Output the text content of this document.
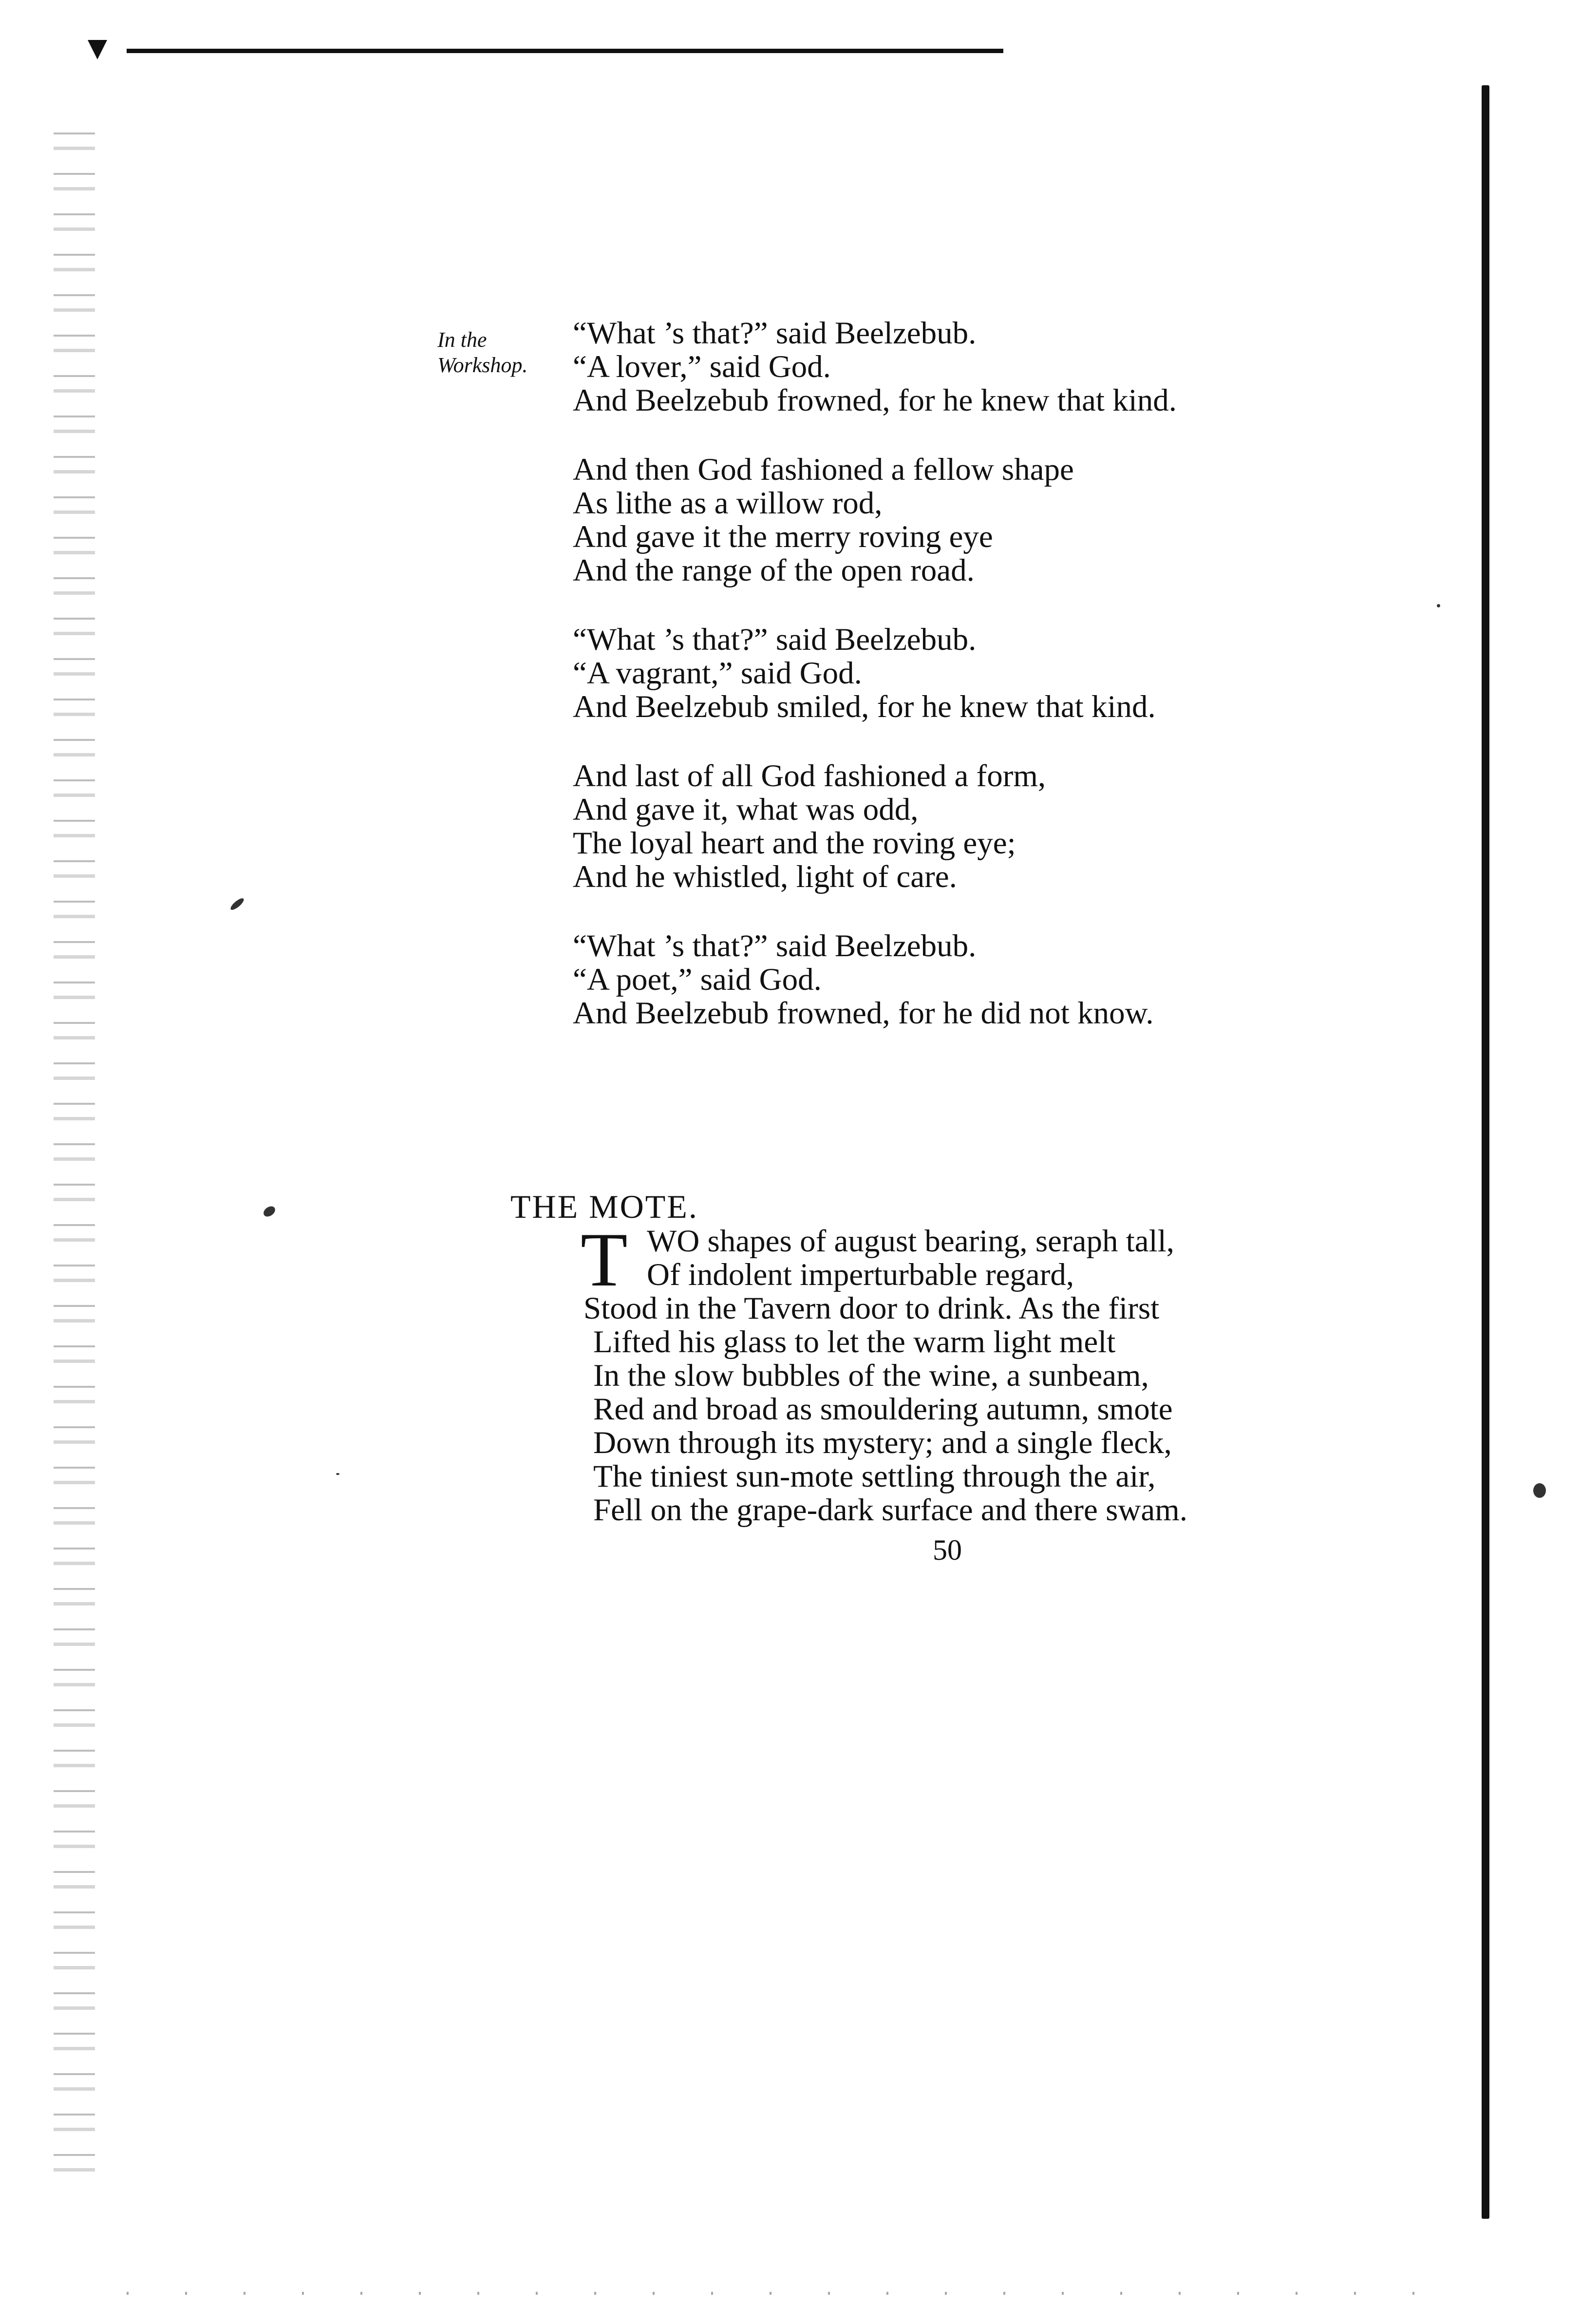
In the
Workshop.
“What ’s that?” said Beelzebub.
“A lover,” said God.
And Beelzebub frowned, for he knew that kind.
And then God fashioned a fellow shape
As lithe as a willow rod,
And gave it the merry roving eye
And the range of the open road.
“What ’s that?” said Beelzebub.
“A vagrant,” said God.
And Beelzebub smiled, for he knew that kind.
And last of all God fashioned a form,
And gave it, what was odd,
The loyal heart and the roving eye;
And he whistled, light of care.
“What ’s that?” said Beelzebub.
“A poet,” said God.
And Beelzebub frowned, for he did not know.
THE MOTE.
T WO shapes of august bearing, seraph tall,
Of indolent imperturbable regard,
Stood in the Tavern door to drink. As the first
Lifted his glass to let the warm light melt
In the slow bubbles of the wine, a sunbeam,
Red and broad as smouldering autumn, smote
Down through its mystery; and a single fleck,
The tiniest sun-mote settling through the air,
Fell on the grape-dark surface and there swam.
50
